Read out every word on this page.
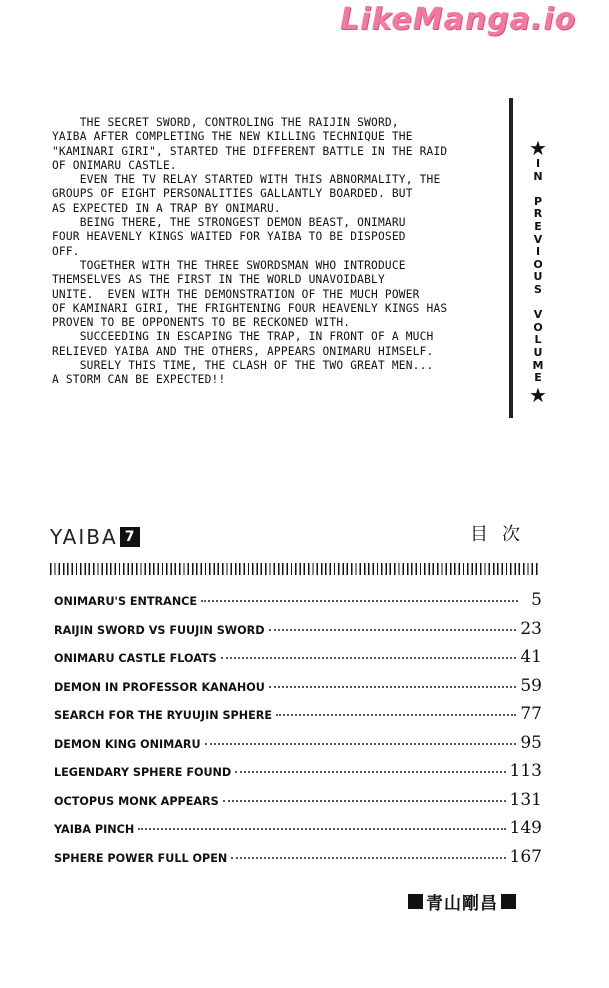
LikeManga.io

THE SECRET SWORD, CONTROLING THE RAIJIN SWORD,

YAIBA AFTER COMPLETING THE NEW KILLING TECHNIQUE THE

"KAMINARI GIRI", STARTED THE DIFFERENT BATTLE IN THE RAID

OF ONIMARU CASTLE.

EVEN THE TV RELAY STARTED WITH THIS ABNORMALITY, THE

GROUPS OF EIGHT PERSONALITIES GALLANTLY BOARDED. BUT

AS EXPECTED IN A TRAP BY ONIMARU.

BEING THERE, THE STRONGEST DEMON BEAST, ONIMARU

FOUR HEAVENLY KINGS WAITED FOR YAIBA TO BE DISPOSED

OFF.

TOGETHER WITH THE THREE SWORDSMAN WHO INTRODUCE

THEMSELVES AS THE FIRST IN THE WORLD UNAVOIDABLY

UNITE.  EVEN WITH THE DEMONSTRATION OF THE MUCH POWER

OF KAMINARI GIRI, THE FRIGHTENING FOUR HEAVENLY KINGS HAS

PROVEN TO BE OPPONENTS TO BE RECKONED WITH.

SUCCEEDING IN ESCAPING THE TRAP, IN FRONT OF A MUCH

RELIEVED YAIBA AND THE OTHERS, APPEARS ONIMARU HIMSELF.

SURELY THIS TIME, THE CLASH OF THE TWO GREAT MEN...

A STORM CAN BE EXPECTED!!

★
I
N

P
R
E
V
I
O
U
S

V
O
L
U
M
E
★
YAIBA 7	目次
ONIMARU'S ENTRANCE	5
RAIJIN SWORD VS FUUJIN SWORD	23
ONIMARU CASTLE FLOATS	41
DEMON IN PROFESSOR KANAHOU	59
SEARCH FOR THE RYUUJIN SPHERE	77
DEMON KING ONIMARU	95
LEGENDARY SPHERE FOUND	113
OCTOPUS MONK APPEARS	131
YAIBA PINCH	149
SPHERE POWER FULL OPEN	167
青山剛昌
